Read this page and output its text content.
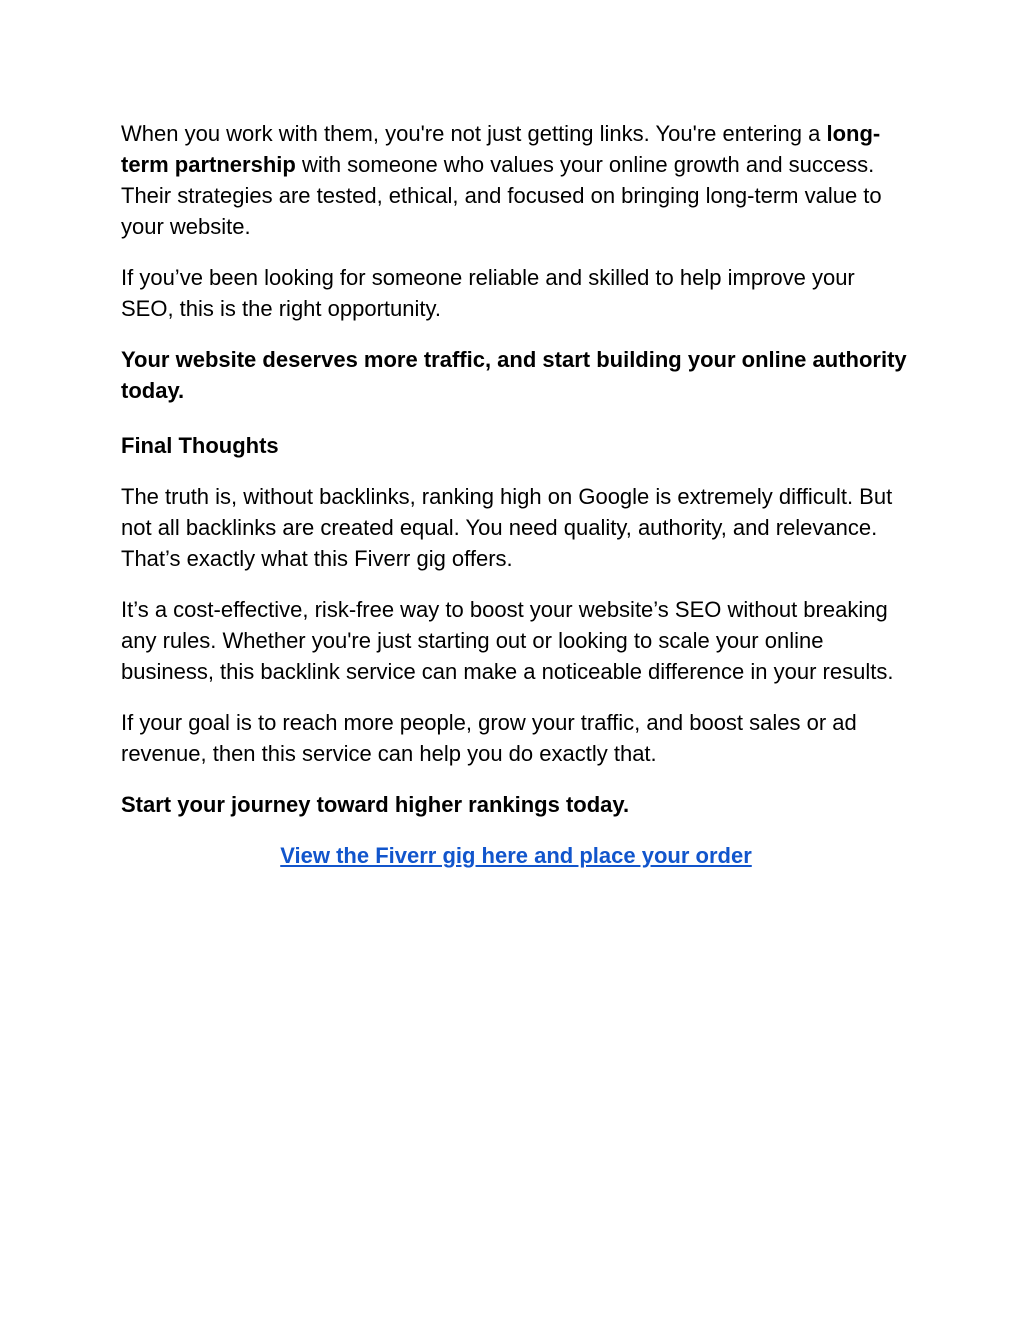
When you work with them, you're not just getting links. You're entering a long-term partnership with someone who values your online growth and success. Their strategies are tested, ethical, and focused on bringing long-term value to your website.

If you’ve been looking for someone reliable and skilled to help improve your SEO, this is the right opportunity.

Your website deserves more traffic, and start building your online authority today.

Final Thoughts

The truth is, without backlinks, ranking high on Google is extremely difficult. But not all backlinks are created equal. You need quality, authority, and relevance. That’s exactly what this Fiverr gig offers.

It’s a cost-effective, risk-free way to boost your website’s SEO without breaking any rules. Whether you're just starting out or looking to scale your online business, this backlink service can make a noticeable difference in your results.

If your goal is to reach more people, grow your traffic, and boost sales or ad revenue, then this service can help you do exactly that.

Start your journey toward higher rankings today.

View the Fiverr gig here and place your order
